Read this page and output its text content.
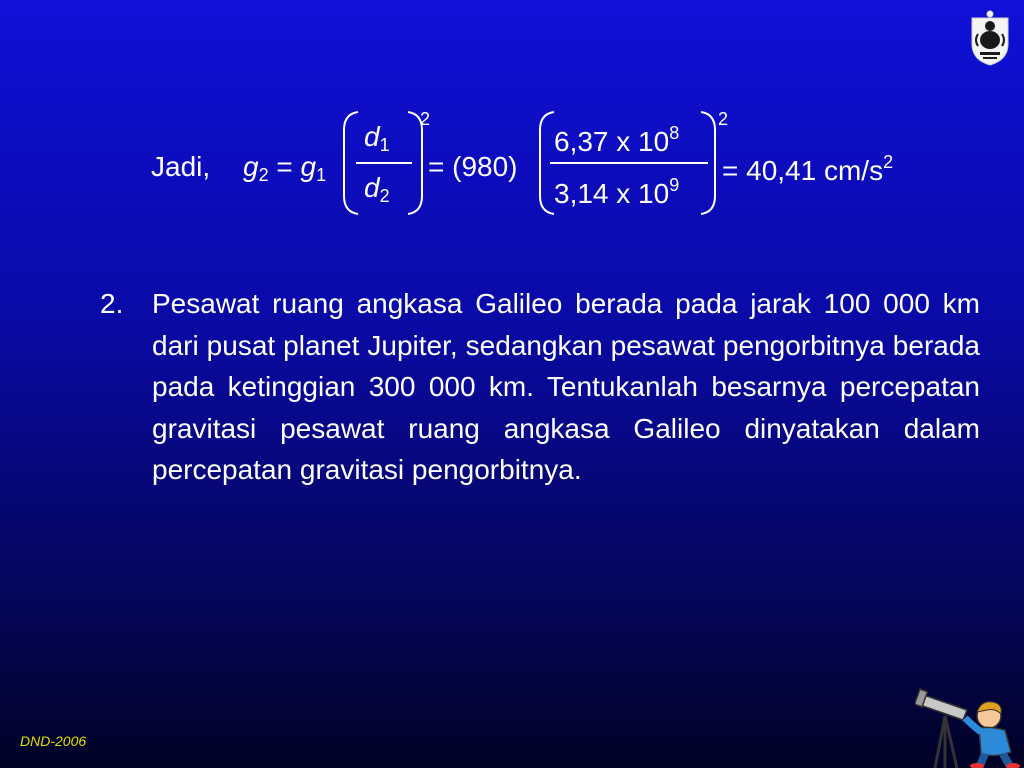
Jadi, $g_2 = g_1$
$d_1$
$d_2$
2
= (980)
6,37 x $10^8$
3,14 x $10^9$
2
= 40,41 $cm/s^2$
2. Pesawat ruang angkasa Galileo berada pada jarak 100 000 km dari pusat planet Jupiter, sedangkan pesawat pengorbitnya berada pada ketinggian 300 000 km. Tentukanlah besarnya percepatan gravitasi pesawat ruang angkasa Galileo dinyatakan dalam percepatan gravitasi pengorbitnya.
DND-2006
